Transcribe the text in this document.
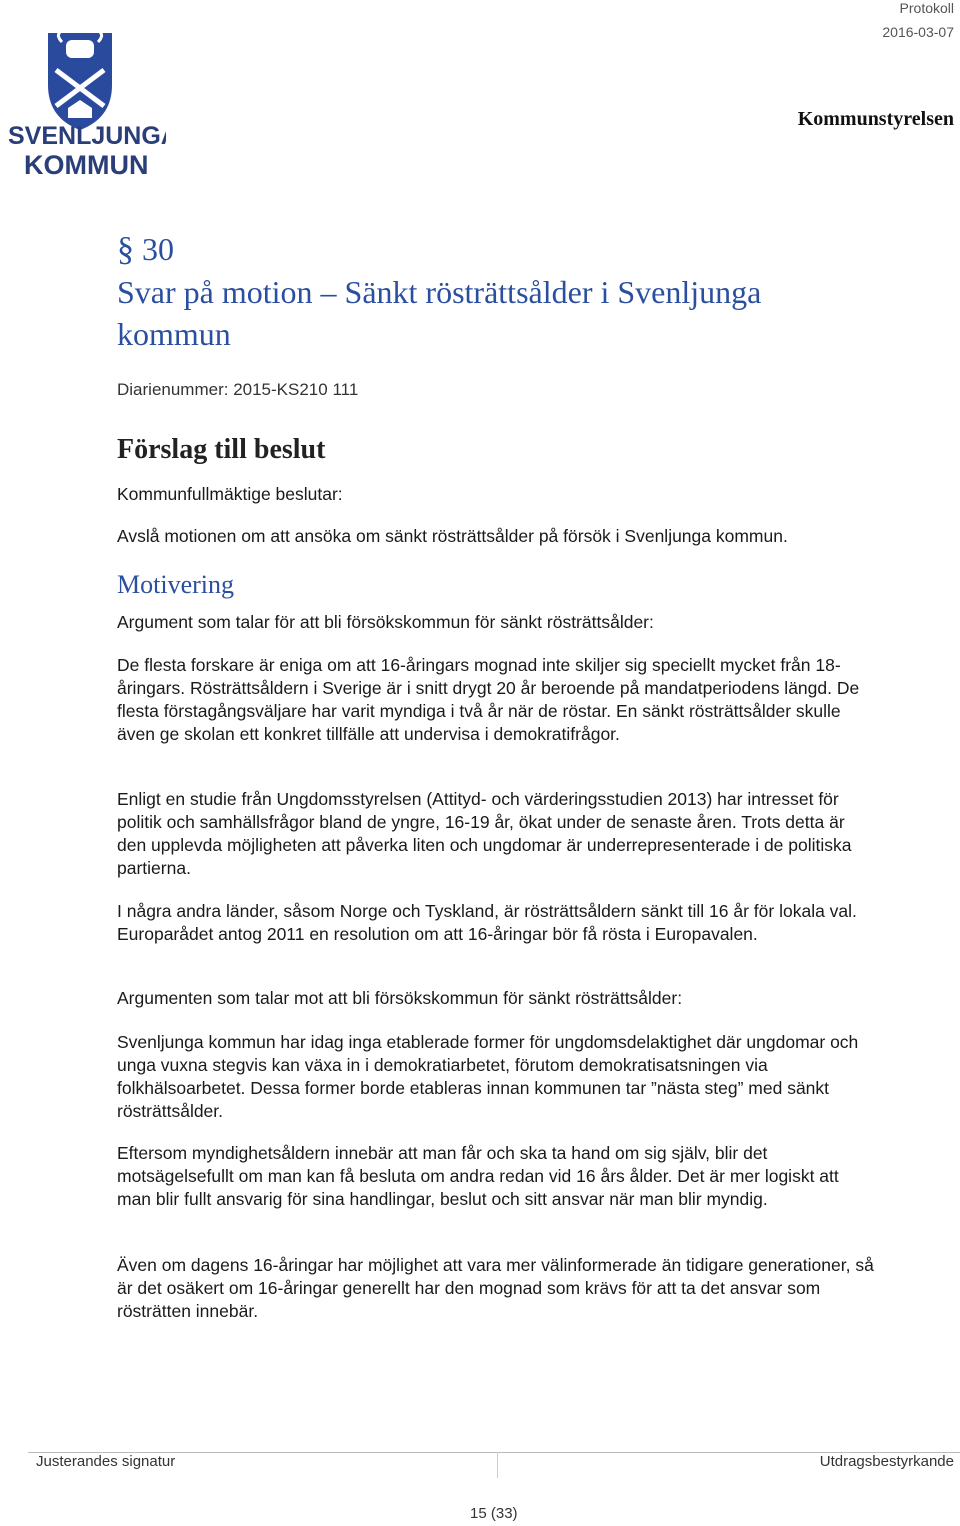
SVENLJUNGA
KOMMUN
Protokoll
2016-03-07
Kommunstyrelsen
§ 30
Svar på motion – Sänkt rösträttsålder i Svenljunga
kommun
Diarienummer: 2015-KS210 111
Förslag till beslut
Kommunfullmäktige beslutar:
Avslå motionen om att ansöka om sänkt rösträttsålder på försök i Svenljunga kommun.
Motivering
Argument som talar för att bli försökskommun för sänkt rösträttsålder:

De flesta forskare är eniga om att 16-åringars mognad inte skiljer sig speciellt mycket från 18-åringars. Rösträttsåldern i Sverige är i snitt drygt 20 år beroende på mandatperiodens längd. De flesta förstagångsväljare har varit myndiga i två år när de röstar. En sänkt rösträttsålder skulle även ge skolan ett konkret tillfälle att undervisa i demokratifrågor.

Enligt en studie från Ungdomsstyrelsen (Attityd- och värderingsstudien 2013) har intresset för politik och samhällsfrågor bland de yngre, 16-19 år, ökat under de senaste åren. Trots detta är den upplevda möjligheten att påverka liten och ungdomar är underrepresenterade i de politiska partierna.

I några andra länder, såsom Norge och Tyskland, är rösträttsåldern sänkt till 16 år för lokala val. Europarådet antog 2011 en resolution om att 16-åringar bör få rösta i Europavalen.

Argumenten som talar mot att bli försökskommun för sänkt rösträttsålder:

Svenljunga kommun har idag inga etablerade former för ungdomsdelaktighet där ungdomar och unga vuxna stegvis kan växa in i demokratiarbetet, förutom demokratisatsningen via folkhälsoarbetet. Dessa former borde etableras innan kommunen tar ”nästa steg” med sänkt rösträttsålder.

Eftersom myndighetsåldern innebär att man får och ska ta hand om sig själv, blir det motsägelsefullt om man kan få besluta om andra redan vid 16 års ålder. Det är mer logiskt att man blir fullt ansvarig för sina handlingar, beslut och sitt ansvar när man blir myndig.

Även om dagens 16-åringar har möjlighet att vara mer välinformerade än tidigare generationer, så är det osäkert om 16-åringar generellt har den mognad som krävs för att ta det ansvar som rösträtten innebär.

Justerandes signatur	Utdragsbestyrkande
15 (33)
